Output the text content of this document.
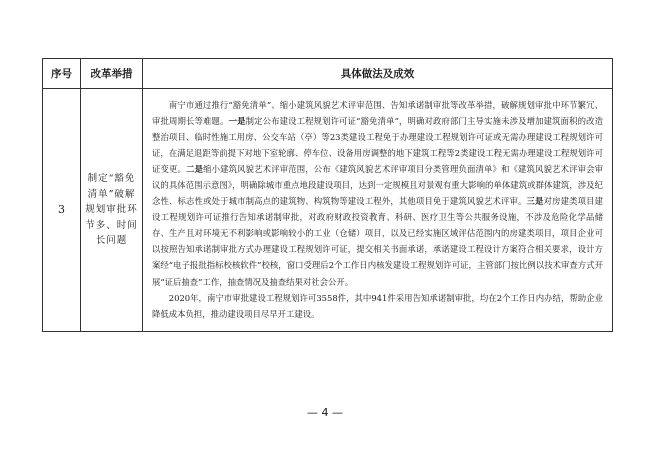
序号	改革举措	具体做法及成效
3	制定“豁免清单”破解规划审批环节多、时间长问题	南宁市通过推行“豁免清单”、缩小建筑风貌艺术评审范围、告知承诺制审批等改革举措，破解规划审批中环节繁冗、审批周期长等难题。一是制定公布建设工程规划许可证“豁免清单”，明确对政府部门主导实施未涉及增加建筑面积的改造整治项目、临时性施工用房、公交车站（亭）等23类建设工程免于办理建设工程规划许可证或无需办理建设工程规划许可证，在满足退距等前提下对地下室轮廓、停车位、设备用房调整的地下建筑工程等2类建设工程无需办理建设工程规划许可证变更。二是缩小建筑风貌艺术评审范围，公布《建筑风貌艺术评审项目分类管理负面清单》和《建筑风貌艺术评审会审议的具体范围示意图》，明确除城市重点地段建设项目，达到一定规模且对景观有重大影响的单体建筑或群体建筑，涉及纪念性、标志性或处于城市制高点的建筑物、构筑物等建设工程外，其他项目免于建筑风貌艺术评审。三是对房建类项目建设工程规划许可证推行告知承诺制审批，对政府财政投资教育、科研、医疗卫生等公共服务设施，不涉及危险化学品储存、生产且对环境无不利影响或影响较小的工业（仓储）项目，以及已经实施区域评估范围内的房建类项目，项目企业可以按照告知承诺制审批方式办理建设工程规划许可证，提交相关书面承诺，承诺建设工程设计方案符合相关要求，设计方案经“电子报批指标校核软件”校核，窗口受理后2个工作日内核发建设工程规划许可证，主管部门按比例以技术审查方式开展“证后抽查”工作，抽查情况及抽查结果对社会公开。

2020年，南宁市审批建设工程规划许可3558件，其中941件采用告知承诺制审批，均在2个工作日内办结，帮助企业降低成本负担，推动建设项目尽早开工建设。

— 4 —
